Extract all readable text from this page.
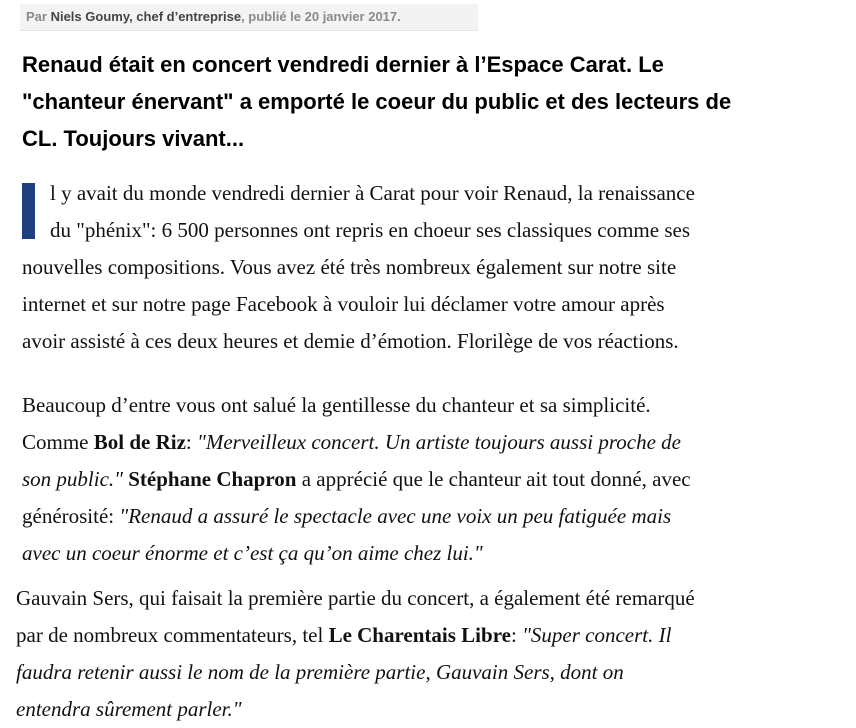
Par Niels Goumy, chef d’entreprise, publié le 20 janvier 2017.
Renaud était en concert vendredi dernier à l’Espace Carat. Le
"chanteur énervant" a emporté le coeur du public et des lecteurs de
CL. Toujours vivant...

l y avait du monde vendredi dernier à Carat pour voir Renaud, la renaissance
du "phénix": 6 500 personnes ont repris en choeur ses classiques comme ses
nouvelles compositions. Vous avez été très nombreux également sur notre site
internet et sur notre page Facebook à vouloir lui déclamer votre amour après
avoir assisté à ces deux heures et demie d’émotion. Florilège de vos réactions.

Beaucoup d’entre vous ont salué la gentillesse du chanteur et sa simplicité.
Comme Bol de Riz: "Merveilleux concert. Un artiste toujours aussi proche de
son public." Stéphane Chapron a apprécié que le chanteur ait tout donné, avec
générosité: "Renaud a assuré le spectacle avec une voix un peu fatiguée mais
avec un coeur énorme et c’est ça qu’on aime chez lui."

Gauvain Sers, qui faisait la première partie du concert, a également été remarqué
par de nombreux commentateurs, tel Le Charentais Libre: "Super concert. Il
faudra retenir aussi le nom de la première partie, Gauvain Sers, dont on
entendra sûrement parler."
